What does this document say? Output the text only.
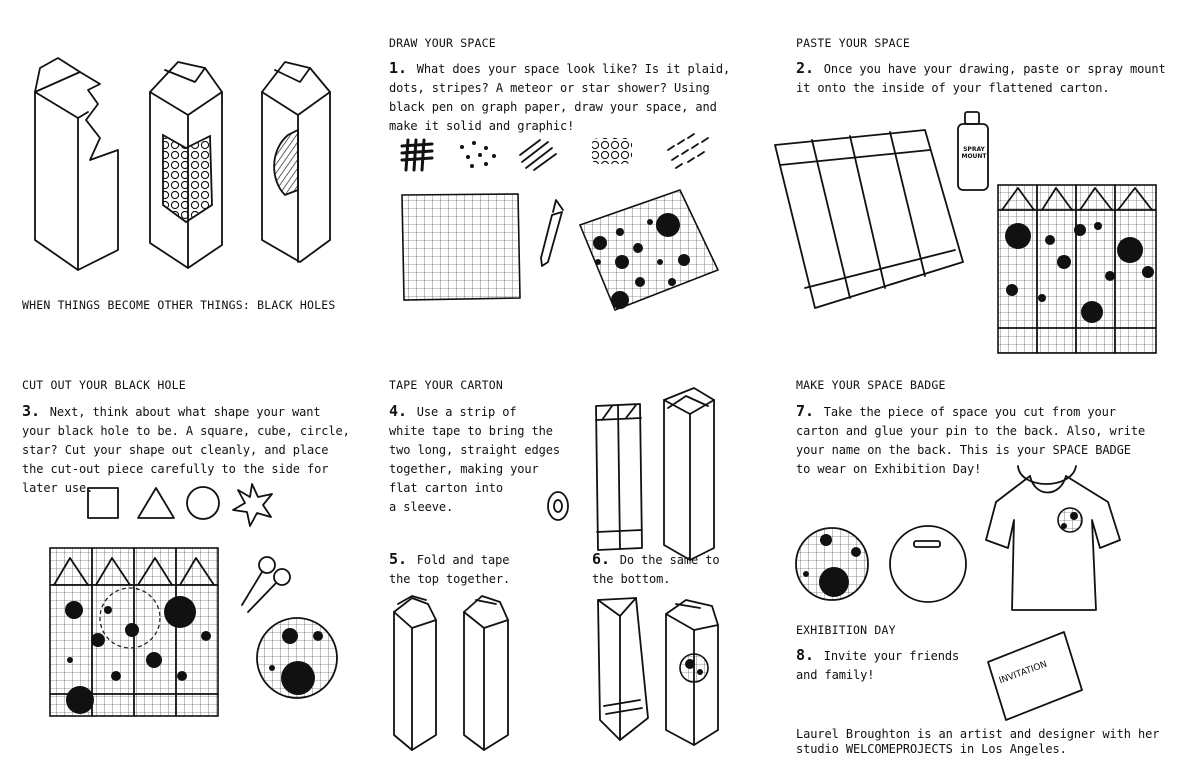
WHEN THINGS BECOME OTHER THINGS: BLACK HOLES
DRAW YOUR SPACE
1. What does your space look like? Is it plaid,
dots, stripes? A meteor or star shower? Using
black pen on graph paper, draw your space, and
make it solid and graphic!
PASTE YOUR SPACE
2. Once you have your drawing, paste or spray mount
it onto the inside of your flattened carton.
CUT OUT YOUR BLACK HOLE
3. Next, think about what shape your want
your black hole to be. A square, cube, circle,
star? Cut your shape out cleanly, and place
the cut-out piece carefully to the side for
later use.
TAPE YOUR CARTON
4. Use a strip of
white tape to bring the
two long, straight edges
together, making your
flat carton into
a sleeve.
5. Fold and tape
the top together.
6. Do the same to
the bottom.
MAKE YOUR SPACE BADGE
7. Take the piece of space you cut from your
carton and glue your pin to the back. Also, write
your name on the back. This is your SPACE BADGE
to wear on Exhibition Day!
EXHIBITION DAY
8. Invite your friends
and family!
SPRAY
MOUNT
INVITATION
Laurel Broughton is an artist and designer with her
studio WELCOMEPROJECTS in Los Angeles.
